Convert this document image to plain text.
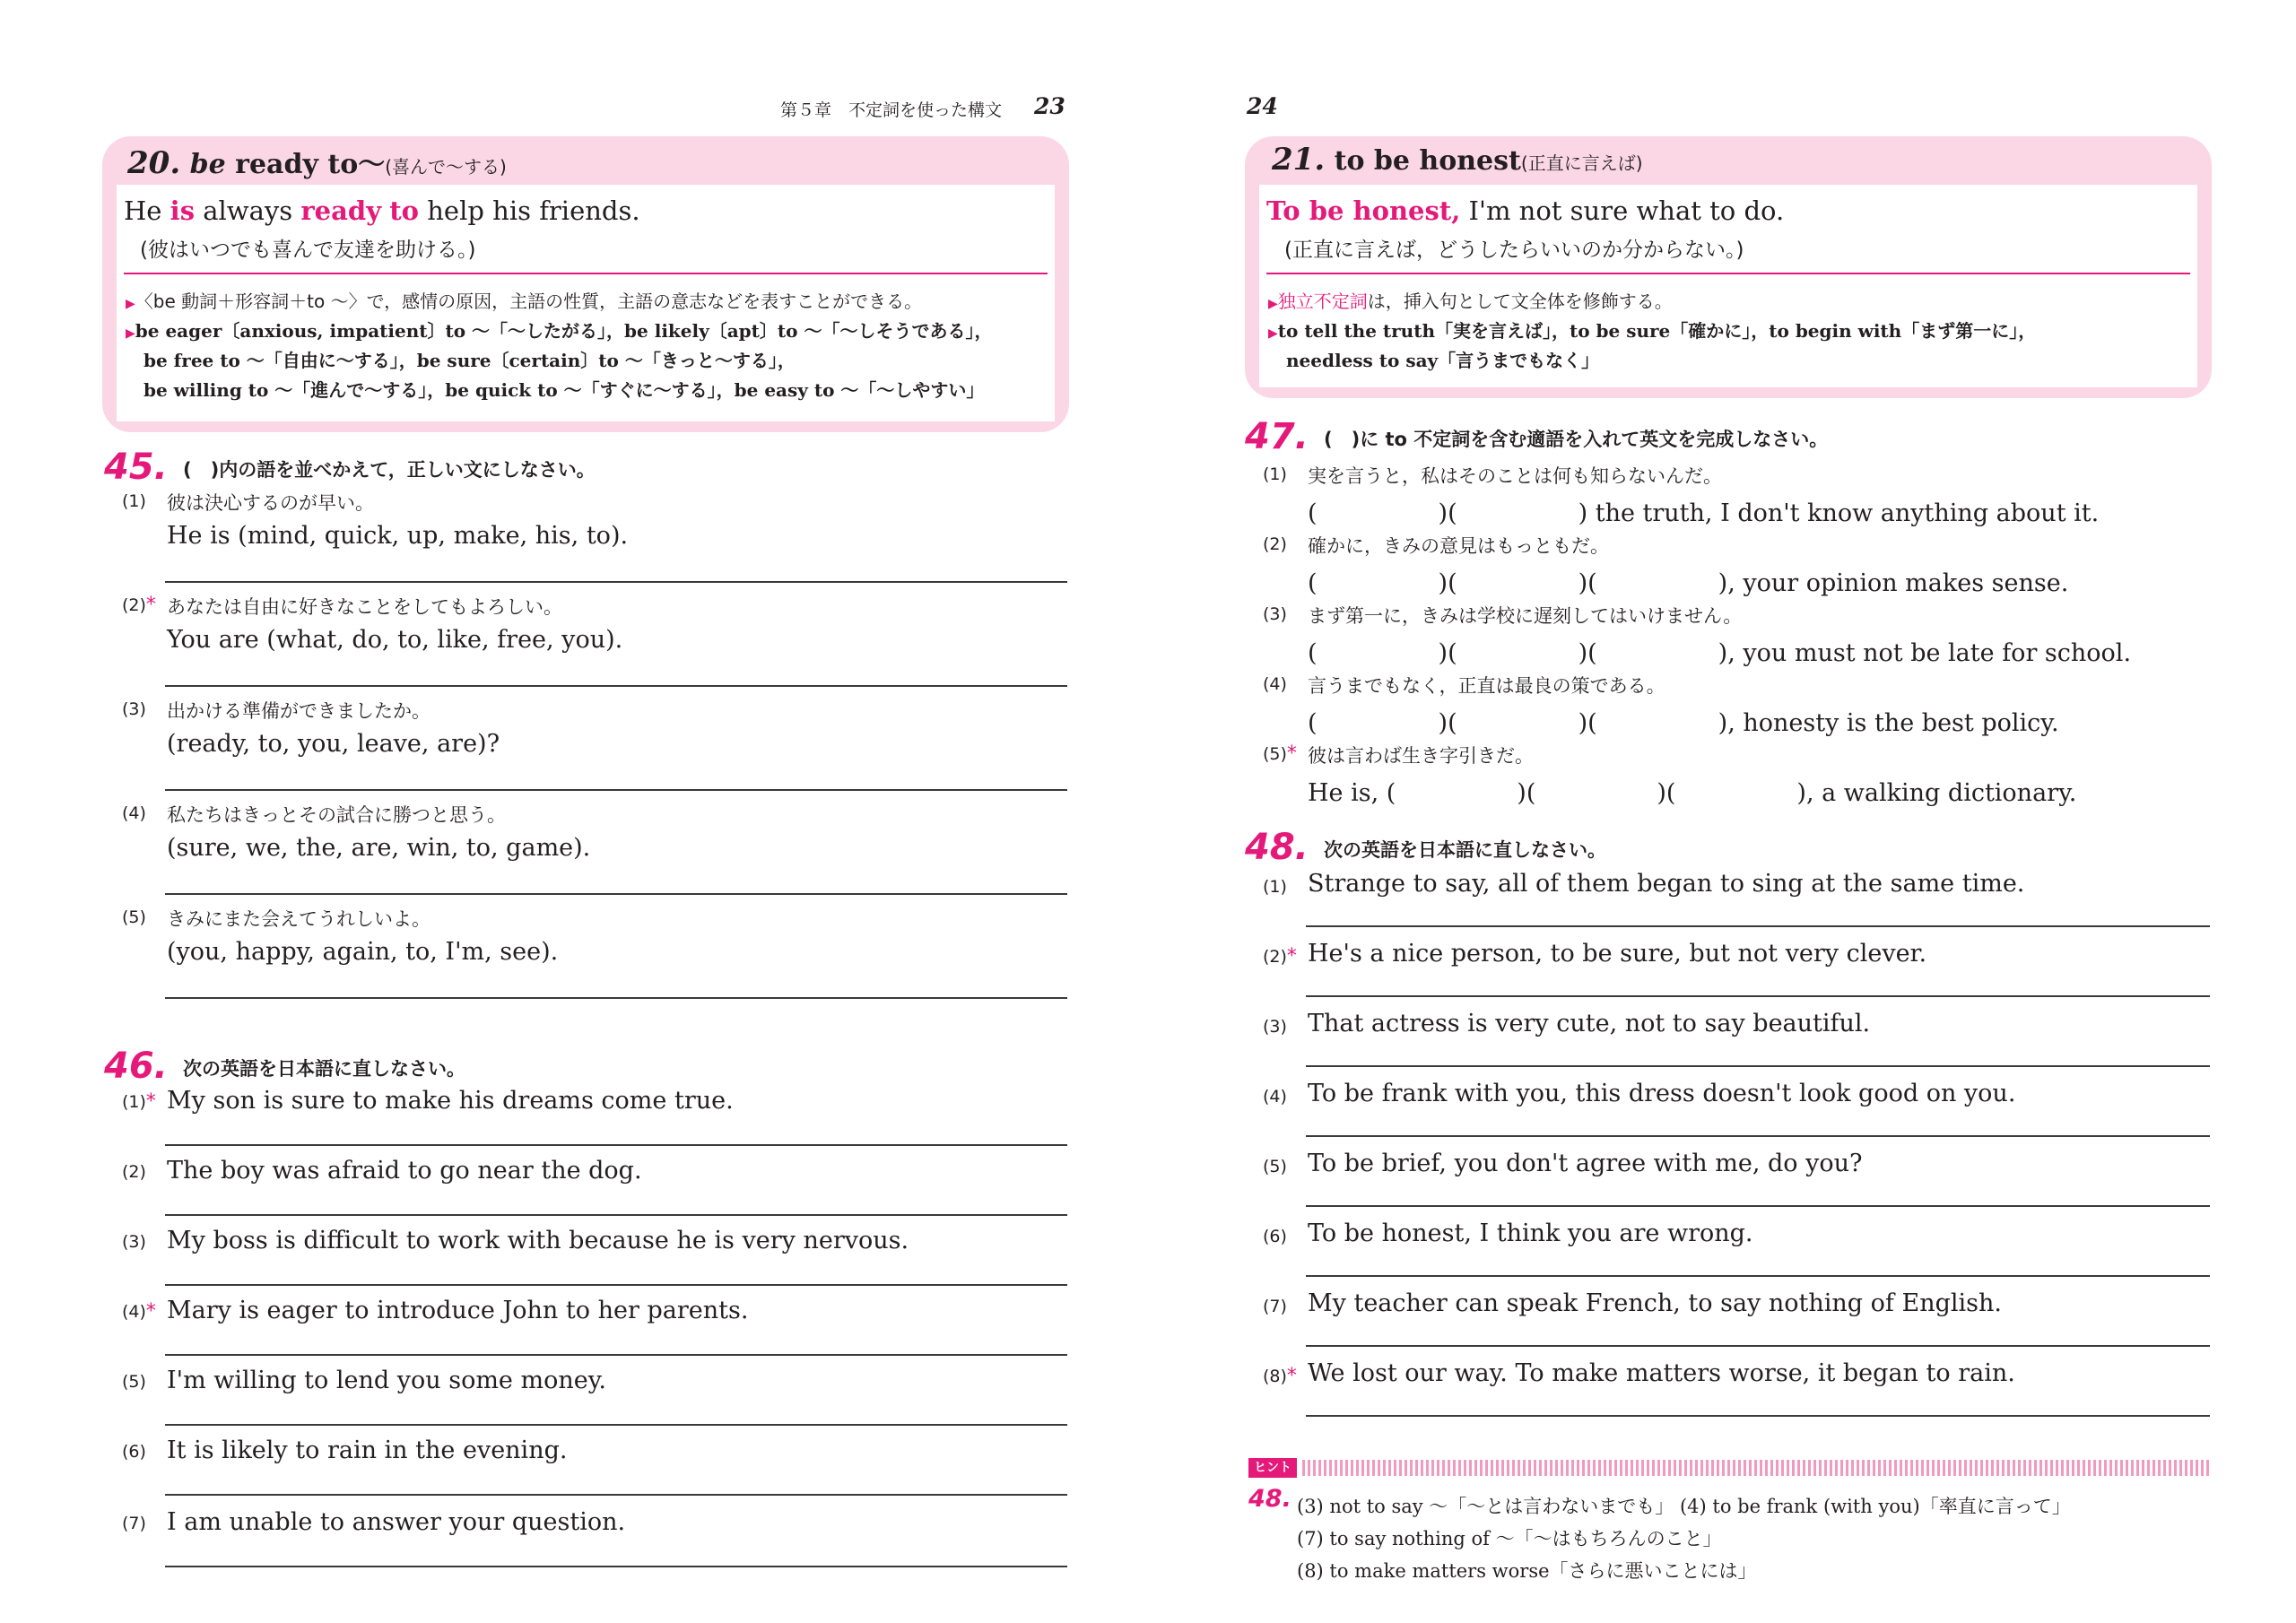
第５章　不定詞を使った構文 23
20. be ready to〜(喜んで〜する)
He is always ready to help his friends.
(彼はいつでも喜んで友達を助ける。)
▶〈be 動詞＋形容詞＋to 〜〉で，感情の原因，主語の性質，主語の意志などを表すことができる。
▶be eager〔anxious, impatient〕to 〜「〜したがる」，be likely〔apt〕to 〜「〜しそうである」，
be free to 〜「自由に〜する」，be sure〔certain〕to 〜「きっと〜する」，
be willing to 〜「進んで〜する」，be quick to 〜「すぐに〜する」，be easy to 〜「〜しやすい」
45. (　)内の語を並べかえて，正しい文にしなさい。
(1) 彼は決心するのが早い。
He is (mind, quick, up, make, his, to).
(2)* あなたは自由に好きなことをしてもよろしい。
You are (what, do, to, like, free, you).
(3) 出かける準備ができましたか。
(ready, to, you, leave, are)?
(4) 私たちはきっとその試合に勝つと思う。
(sure, we, the, are, win, to, game).
(5) きみにまた会えてうれしいよ。
(you, happy, again, to, I'm, see).
46. 次の英語を日本語に直しなさい。
(1)* My son is sure to make his dreams come true.
(2) The boy was afraid to go near the dog.
(3) My boss is difficult to work with because he is very nervous.
(4)* Mary is eager to introduce John to her parents.
(5) I'm willing to lend you some money.
(6) It is likely to rain in the evening.
(7) I am unable to answer your question.
24
21. to be honest(正直に言えば)
To be honest, I'm not sure what to do.
(正直に言えば，どうしたらいいのか分からない。)
▶独立不定詞は，挿入句として文全体を修飾する。
▶to tell the truth「実を言えば」，to be sure「確かに」，to begin with「まず第一に」，
needless to say「言うまでもなく」
47. (　)に to 不定詞を含む適語を入れて英文を完成しなさい。
(1) 実を言うと，私はそのことは何も知らないんだ。
(　　　　　)(　　　　　) the truth, I don't know anything about it.
(2) 確かに，きみの意見はもっともだ。
(　　　　　)(　　　　　)(　　　　　), your opinion makes sense.
(3) まず第一に，きみは学校に遅刻してはいけません。
(　　　　　)(　　　　　)(　　　　　), you must not be late for school.
(4) 言うまでもなく，正直は最良の策である。
(　　　　　)(　　　　　)(　　　　　), honesty is the best policy.
(5)* 彼は言わば生き字引きだ。
He is, (　　　　　)(　　　　　)(　　　　　), a walking dictionary.
48. 次の英語を日本語に直しなさい。
(1) Strange to say, all of them began to sing at the same time.
(2)* He's a nice person, to be sure, but not very clever.
(3) That actress is very cute, not to say beautiful.
(4) To be frank with you, this dress doesn't look good on you.
(5) To be brief, you don't agree with me, do you?
(6) To be honest, I think you are wrong.
(7) My teacher can speak French, to say nothing of English.
(8)* We lost our way. To make matters worse, it began to rain.
ヒント
48. (3) not to say 〜「〜とは言わないまでも」 (4) to be frank (with you)「率直に言って」
(7) to say nothing of 〜「〜はもちろんのこと」
(8) to make matters worse「さらに悪いことには」
